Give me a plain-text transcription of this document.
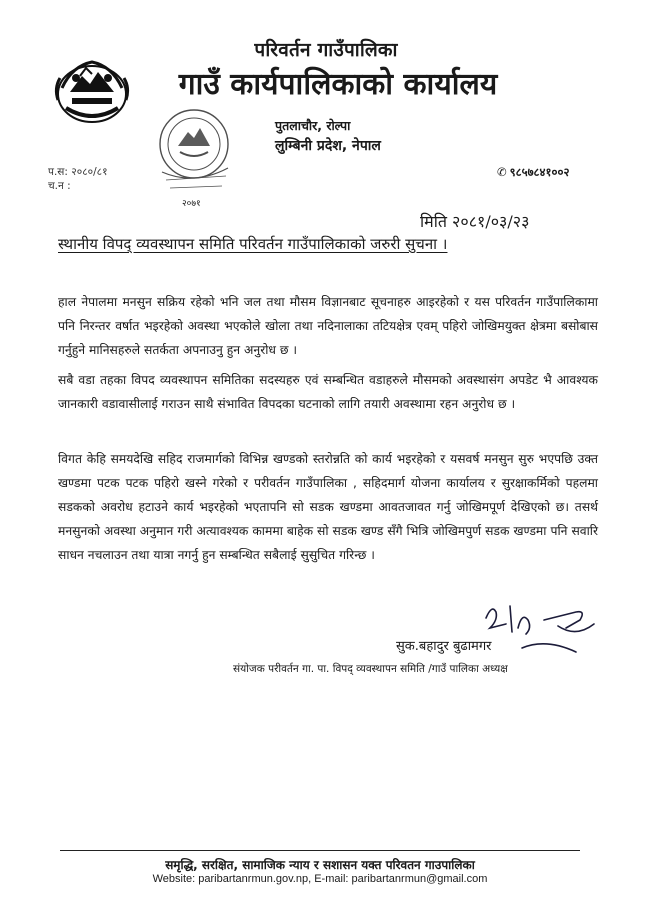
परिवर्तन गाउँपालिका
गाउँ कार्यपालिकाको कार्यालय
पुतलाचौर, रोल्पा
लुम्बिनी प्रदेश, नेपाल
२०७१
प.स: २०८०/८१
च.न :
✆ ९८५७८४१००२
मिति २०८१/०३/२३
स्थानीय विपद् व्यवस्थापन समिति परिवर्तन गाउँपालिकाको जरुरी सुचना ।
हाल नेपालमा मनसुन सक्रिय रहेको भनि जल तथा मौसम विज्ञानबाट सूचनाहरु आइरहेको र यस परिवर्तन गाउँपालिकामा पनि निरन्तर वर्षात भइरहेको अवस्था भएकोले खोला तथा नदिनालाका तटियक्षेत्र एवम् पहिरो जोखिमयुक्त क्षेत्रमा बसोबास गर्नुहुने मानिसहरुले सतर्कता अपनाउनु हुन अनुरोध छ ।
सबै वडा तहका विपद व्यवस्थापन समितिका सदस्यहरु एवं सम्बन्धित वडाहरुले मौसमको अवस्थासंग अपडेट भै आवश्यक जानकारी वडावासीलाई गराउन साथै संभावित विपदका घटनाको लागि तयारी अवस्थामा रहन अनुरोध छ ।
विगत केहि समयदेखि सहिद राजमार्गको विभिन्न खण्डको स्तरोन्नति को कार्य भइरहेको र यसवर्ष मनसुन सुरु भएपछि उक्त खण्डमा पटक पटक पहिरो खस्ने गरेको र परीवर्तन गाउँपालिका , सहिदमार्ग योजना कार्यालय र सुरक्षाकर्मिको पहलमा सडकको अवरोध हटाउने कार्य भइरहेको भएतापनि सो सडक खण्डमा आवतजावत गर्नु जोखिमपूर्ण देखिएको छ। तसर्थ मनसुनको अवस्था अनुमान गरी अत्यावश्यक काममा बाहेक सो सडक खण्ड सँगै भित्रि जोखिमपुर्ण सडक खण्डमा पनि सवारि साधन नचलाउन तथा यात्रा नगर्नु हुन सम्बन्धित सबैलाई सुसुचित गरिन्छ ।
सुक.बहादुर बुढामगर
संयोजक परीवर्तन गा. पा. विपद् व्यवस्थापन समिति /गाउँ पालिका अध्यक्ष
समृद्धि, सरक्षित, सामाजिक न्याय र सशासन यक्त परिवतन गाउपालिका
Website: paribartanrmun.gov.np, E-mail: paribartanrmun@gmail.com
